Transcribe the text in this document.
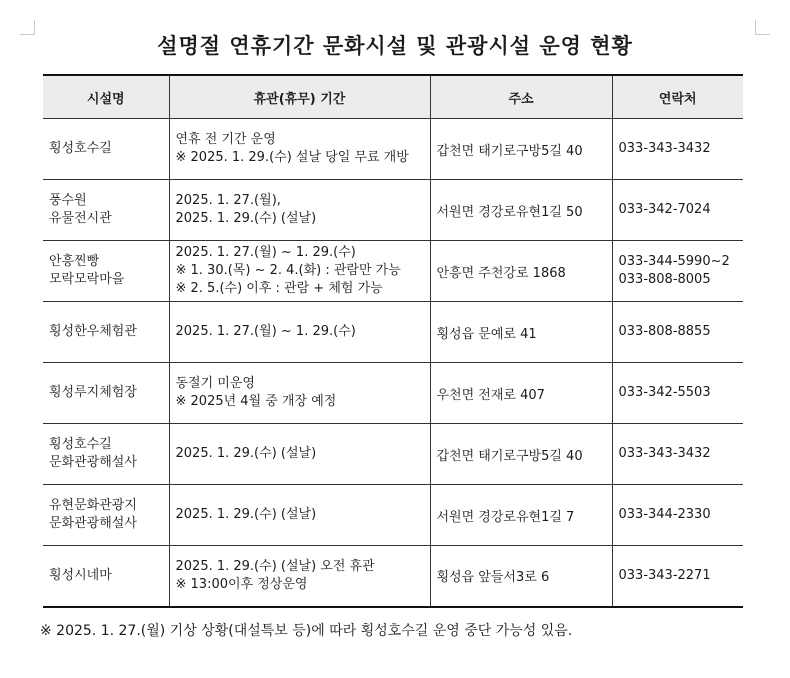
설명절 연휴기간 문화시설 및 관광시설 운영 현황
시설명	휴관(휴무) 기간	주소	연락처

횡성호수길	연휴 전 기간 운영
※ 2025. 1. 29.(수) 설날 당일 무료 개방	갑천면 태기로구방5길 40	033-343-3432

풍수원
유물전시관	2025. 1. 27.(월),
2025. 1. 29.(수) (설날)	서원면 경강로유현1길 50	033-342-7024

안흥찐빵
모락모락마을	2025. 1. 27.(월) ~ 1. 29.(수)
※ 1. 30.(목) ~ 2. 4.(화) : 관람만 가능
※ 2. 5.(수) 이후 : 관람 + 체험 가능	안흥면 주천강로 1868	033-344-5990~2
033-808-8005

횡성한우체험관	2025. 1. 27.(월) ~ 1. 29.(수)	횡성읍 문예로 41	033-808-8855

횡성루지체험장	동절기 미운영
※ 2025년 4월 중 개장 예정	우천면 전재로 407	033-342-5503

횡성호수길
문화관광해설사	2025. 1. 29.(수) (설날)	갑천면 태기로구방5길 40	033-343-3432

유현문화관광지
문화관광해설사	2025. 1. 29.(수) (설날)	서원면 경강로유현1길 7	033-344-2330

횡성시네마	2025. 1. 29.(수) (설날) 오전 휴관
※ 13:00이후 정상운영	횡성읍 앞들서3로 6	033-343-2271
※ 2025. 1. 27.(월) 기상 상황(대설특보 등)에 따라 횡성호수길 운영 중단 가능성 있음.
